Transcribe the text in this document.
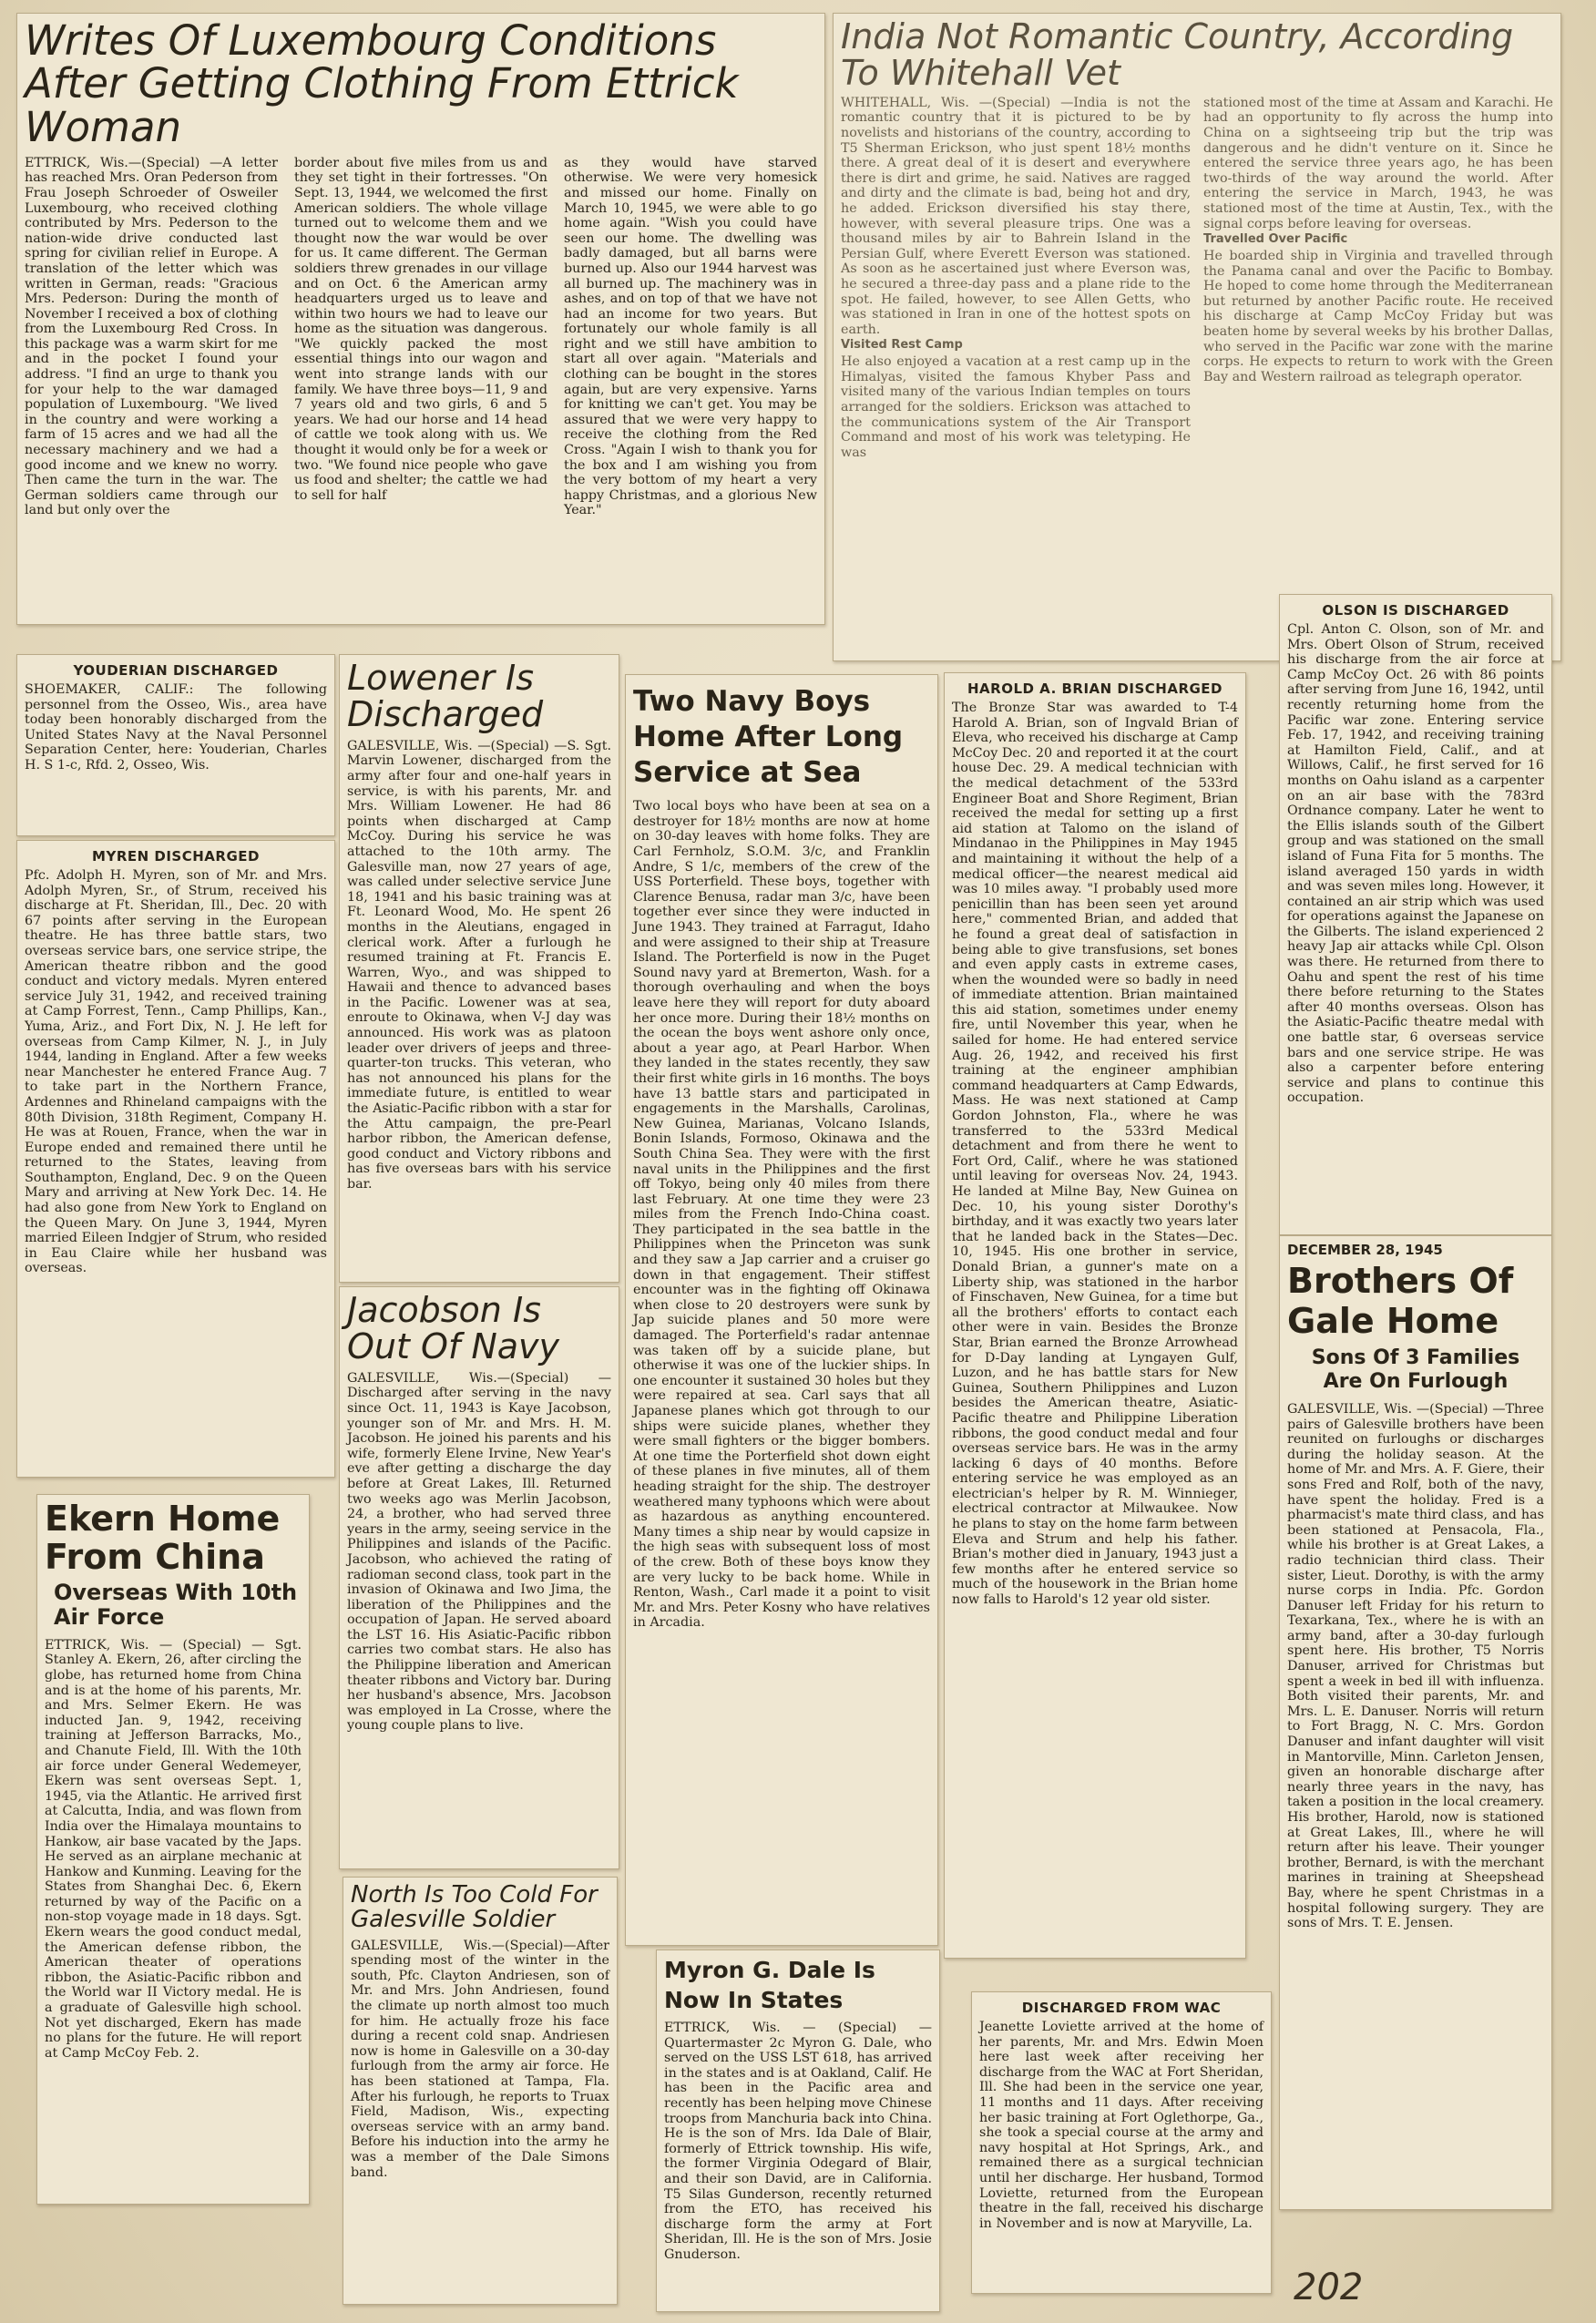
Writes Of Luxembourg Conditions After Getting Clothing From Ettrick Woman
ETTRICK, Wis.—(Special) —A letter has reached Mrs. Oran Pederson from Frau Joseph Schroeder of Osweiler Luxembourg, who received clothing contributed by Mrs. Pederson to the nation-wide drive conducted last spring for civilian relief in Europe. A translation of the letter which was written in German, reads: "Gracious Mrs. Pederson: During the month of November I received a box of clothing from the Luxembourg Red Cross. In this package was a warm skirt for me and in the pocket I found your address. "I find an urge to thank you for your help to the war damaged population of Luxembourg. "We lived in the country and were working a farm of 15 acres and we had all the necessary machinery and we had a good income and we knew no worry. Then came the turn in the war. The German soldiers came through our land but only over the
border about five miles from us and they set tight in their fortresses. "On Sept. 13, 1944, we welcomed the first American soldiers. The whole village turned out to welcome them and we thought now the war would be over for us. It came different. The German soldiers threw grenades in our village and on Oct. 6 the American army headquarters urged us to leave and within two hours we had to leave our home as the situation was dangerous. "We quickly packed the most essential things into our wagon and went into strange lands with our family. We have three boys—11, 9 and 7 years old and two girls, 6 and 5 years. We had our horse and 14 head of cattle we took along with us. We thought it would only be for a week or two. "We found nice people who gave us food and shelter; the cattle we had to sell for half
as they would have starved otherwise. We were very homesick and missed our home. Finally on March 10, 1945, we were able to go home again. "Wish you could have seen our home. The dwelling was badly damaged, but all barns were burned up. Also our 1944 harvest was all burned up. The machinery was in ashes, and on top of that we have not had an income for two years. But fortunately our whole family is all right and we still have ambition to start all over again. "Materials and clothing can be bought in the stores again, but are very expensive. Yarns for knitting we can't get. You may be assured that we were very happy to receive the clothing from the Red Cross. "Again I wish to thank you for the box and I am wishing you from the very bottom of my heart a very happy Christmas, and a glorious New Year."
India Not Romantic Country, According To Whitehall Vet
WHITEHALL, Wis. —(Special) —India is not the romantic country that it is pictured to be by novelists and historians of the country, according to T5 Sherman Erickson, who just spent 18½ months there. A great deal of it is desert and everywhere there is dirt and grime, he said. Natives are ragged and dirty and the climate is bad, being hot and dry, he added. Erickson diversified his stay there, however, with several pleasure trips. One was a thousand miles by air to Bahrein Island in the Persian Gulf, where Everett Everson was stationed. As soon as he ascertained just where Everson was, he secured a three-day pass and a plane ride to the spot. He failed, however, to see Allen Getts, who was stationed in Iran in one of the hottest spots on earth.
Visited Rest Camp
He also enjoyed a vacation at a rest camp up in the Himalyas, visited the famous Khyber Pass and visited many of the various Indian temples on tours arranged for the soldiers. Erickson was attached to the communications system of the Air Transport Command and most of his work was teletyping. He was
stationed most of the time at Assam and Karachi. He had an opportunity to fly across the hump into China on a sightseeing trip but the trip was dangerous and he didn't venture on it. Since he entered the service three years ago, he has been two-thirds of the way around the world. After entering the service in March, 1943, he was stationed most of the time at Austin, Tex., with the signal corps before leaving for overseas.
Travelled Over Pacific
He boarded ship in Virginia and travelled through the Panama canal and over the Pacific to Bombay. He hoped to come home through the Mediterranean but returned by another Pacific route. He received his discharge at Camp McCoy Friday but was beaten home by several weeks by his brother Dallas, who served in the Pacific war zone with the marine corps. He expects to return to work with the Green Bay and Western railroad as telegraph operator.
YOUDERIAN DISCHARGED
SHOEMAKER, CALIF.: The following personnel from the Osseo, Wis., area have today been honorably discharged from the United States Navy at the Naval Personnel Separation Center, here: Youderian, Charles H. S 1-c, Rfd. 2, Osseo, Wis.
MYREN DISCHARGED
Pfc. Adolph H. Myren, son of Mr. and Mrs. Adolph Myren, Sr., of Strum, received his discharge at Ft. Sheridan, Ill., Dec. 20 with 67 points after serving in the European theatre. He has three battle stars, two overseas service bars, one service stripe, the American theatre ribbon and the good conduct and victory medals. Myren entered service July 31, 1942, and received training at Camp Forrest, Tenn., Camp Phillips, Kan., Yuma, Ariz., and Fort Dix, N. J. He left for overseas from Camp Kilmer, N. J., in July 1944, landing in England. After a few weeks near Manchester he entered France Aug. 7 to take part in the Northern France, Ardennes and Rhineland campaigns with the 80th Division, 318th Regiment, Company H. He was at Rouen, France, when the war in Europe ended and remained there until he returned to the States, leaving from Southampton, England, Dec. 9 on the Queen Mary and arriving at New York Dec. 14. He had also gone from New York to England on the Queen Mary. On June 3, 1944, Myren married Eileen Indgjer of Strum, who resided in Eau Claire while her husband was overseas.
Lowener Is Discharged
GALESVILLE, Wis. —(Special) —S. Sgt. Marvin Lowener, discharged from the army after four and one-half years in service, is with his parents, Mr. and Mrs. William Lowener. He had 86 points when discharged at Camp McCoy. During his service he was attached to the 10th army. The Galesville man, now 27 years of age, was called under selective service June 18, 1941 and his basic training was at Ft. Leonard Wood, Mo. He spent 26 months in the Aleutians, engaged in clerical work. After a furlough he resumed training at Ft. Francis E. Warren, Wyo., and was shipped to Hawaii and thence to advanced bases in the Pacific. Lowener was at sea, enroute to Okinawa, when V-J day was announced. His work was as platoon leader over drivers of jeeps and three-quarter-ton trucks. This veteran, who has not announced his plans for the immediate future, is entitled to wear the Asiatic-Pacific ribbon with a star for the Attu campaign, the pre-Pearl harbor ribbon, the American defense, good conduct and Victory ribbons and has five overseas bars with his service bar.
Jacobson Is Out Of Navy
GALESVILLE, Wis.—(Special) —Discharged after serving in the navy since Oct. 11, 1943 is Kaye Jacobson, younger son of Mr. and Mrs. H. M. Jacobson. He joined his parents and his wife, formerly Elene Irvine, New Year's eve after getting a discharge the day before at Great Lakes, Ill. Returned two weeks ago was Merlin Jacobson, 24, a brother, who had served three years in the army, seeing service in the Philippines and islands of the Pacific. Jacobson, who achieved the rating of radioman second class, took part in the invasion of Okinawa and Iwo Jima, the liberation of the Philippines and the occupation of Japan. He served aboard the LST 16. His Asiatic-Pacific ribbon carries two combat stars. He also has the Philippine liberation and American theater ribbons and Victory bar. During her husband's absence, Mrs. Jacobson was employed in La Crosse, where the young couple plans to live.
Ekern Home From China
Overseas With 10th Air Force
ETTRICK, Wis. — (Special) — Sgt. Stanley A. Ekern, 26, after circling the globe, has returned home from China and is at the home of his parents, Mr. and Mrs. Selmer Ekern. He was inducted Jan. 9, 1942, receiving training at Jefferson Barracks, Mo., and Chanute Field, Ill. With the 10th air force under General Wedemeyer, Ekern was sent overseas Sept. 1, 1945, via the Atlantic. He arrived first at Calcutta, India, and was flown from India over the Himalaya mountains to Hankow, air base vacated by the Japs. He served as an airplane mechanic at Hankow and Kunming. Leaving for the States from Shanghai Dec. 6, Ekern returned by way of the Pacific on a non-stop voyage made in 18 days. Sgt. Ekern wears the good conduct medal, the American defense ribbon, the American theater of operations ribbon, the Asiatic-Pacific ribbon and the World war II Victory medal. He is a graduate of Galesville high school. Not yet discharged, Ekern has made no plans for the future. He will report at Camp McCoy Feb. 2.
North Is Too Cold For Galesville Soldier
GALESVILLE, Wis.—(Special)—After spending most of the winter in the south, Pfc. Clayton Andriesen, son of Mr. and Mrs. John Andriesen, found the climate up north almost too much for him. He actually froze his face during a recent cold snap. Andriesen now is home in Galesville on a 30-day furlough from the army air force. He has been stationed at Tampa, Fla. After his furlough, he reports to Truax Field, Madison, Wis., expecting overseas service with an army band. Before his induction into the army he was a member of the Dale Simons band.
Two Navy Boys Home After Long Service at Sea
Two local boys who have been at sea on a destroyer for 18½ months are now at home on 30-day leaves with home folks. They are Carl Fernholz, S.O.M. 3/c, and Franklin Andre, S 1/c, members of the crew of the USS Porterfield. These boys, together with Clarence Benusa, radar man 3/c, have been together ever since they were inducted in June 1943. They trained at Farragut, Idaho and were assigned to their ship at Treasure Island. The Porterfield is now in the Puget Sound navy yard at Bremerton, Wash. for a thorough overhauling and when the boys leave here they will report for duty aboard her once more. During their 18½ months on the ocean the boys went ashore only once, about a year ago, at Pearl Harbor. When they landed in the states recently, they saw their first white girls in 16 months. The boys have 13 battle stars and participated in engagements in the Marshalls, Carolinas, New Guinea, Marianas, Volcano Islands, Bonin Islands, Formoso, Okinawa and the South China Sea. They were with the first naval units in the Philippines and the first off Tokyo, being only 40 miles from there last February. At one time they were 23 miles from the French Indo-China coast. They participated in the sea battle in the Philippines when the Princeton was sunk and they saw a Jap carrier and a cruiser go down in that engagement. Their stiffest encounter was in the fighting off Okinawa when close to 20 destroyers were sunk by Jap suicide planes and 50 more were damaged. The Porterfield's radar antennae was taken off by a suicide plane, but otherwise it was one of the luckier ships. In one encounter it sustained 30 holes but they were repaired at sea. Carl says that all Japanese planes which got through to our ships were suicide planes, whether they were small fighters or the bigger bombers. At one time the Porterfield shot down eight of these planes in five minutes, all of them heading straight for the ship. The destroyer weathered many typhoons which were about as hazardous as anything encountered. Many times a ship near by would capsize in the high seas with subsequent loss of most of the crew. Both of these boys know they are very lucky to be back home. While in Renton, Wash., Carl made it a point to visit Mr. and Mrs. Peter Kosny who have relatives in Arcadia.
Myron G. Dale Is Now In States
ETTRICK, Wis. — (Special) — Quartermaster 2c Myron G. Dale, who served on the USS LST 618, has arrived in the states and is at Oakland, Calif. He has been in the Pacific area and recently has been helping move Chinese troops from Manchuria back into China. He is the son of Mrs. Ida Dale of Blair, formerly of Ettrick township. His wife, the former Virginia Odegard of Blair, and their son David, are in California. T5 Silas Gunderson, recently returned from the ETO, has received his discharge form the army at Fort Sheridan, Ill. He is the son of Mrs. Josie Gnuderson.
HAROLD A. BRIAN DISCHARGED
The Bronze Star was awarded to T-4 Harold A. Brian, son of Ingvald Brian of Eleva, who received his discharge at Camp McCoy Dec. 20 and reported it at the court house Dec. 29. A medical technician with the medical detachment of the 533rd Engineer Boat and Shore Regiment, Brian received the medal for setting up a first aid station at Talomo on the island of Mindanao in the Philippines in May 1945 and maintaining it without the help of a medical officer—the nearest medical aid was 10 miles away. "I probably used more penicillin than has been seen yet around here," commented Brian, and added that he found a great deal of satisfaction in being able to give transfusions, set bones and even apply casts in extreme cases, when the wounded were so badly in need of immediate attention. Brian maintained this aid station, sometimes under enemy fire, until November this year, when he sailed for home. He had entered service Aug. 26, 1942, and received his first training at the engineer amphibian command headquarters at Camp Edwards, Mass. He was next stationed at Camp Gordon Johnston, Fla., where he was transferred to the 533rd Medical detachment and from there he went to Fort Ord, Calif., where he was stationed until leaving for overseas Nov. 24, 1943. He landed at Milne Bay, New Guinea on Dec. 10, his young sister Dorothy's birthday, and it was exactly two years later that he landed back in the States—Dec. 10, 1945. His one brother in service, Donald Brian, a gunner's mate on a Liberty ship, was stationed in the harbor of Finschaven, New Guinea, for a time but all the brothers' efforts to contact each other were in vain. Besides the Bronze Star, Brian earned the Bronze Arrowhead for D-Day landing at Lyngayen Gulf, Luzon, and he has battle stars for New Guinea, Southern Philippines and Luzon besides the American theatre, Asiatic-Pacific theatre and Philippine Liberation ribbons, the good conduct medal and four overseas service bars. He was in the army lacking 6 days of 40 months. Before entering service he was employed as an electrician's helper by R. M. Winnieger, electrical contractor at Milwaukee. Now he plans to stay on the home farm between Eleva and Strum and help his father. Brian's mother died in January, 1943 just a few months after he entered service so much of the housework in the Brian home now falls to Harold's 12 year old sister.
DISCHARGED FROM WAC
Jeanette Loviette arrived at the home of her parents, Mr. and Mrs. Edwin Moen here last week after receiving her discharge from the WAC at Fort Sheridan, Ill. She had been in the service one year, 11 months and 11 days. After receiving her basic training at Fort Oglethorpe, Ga., she took a special course at the army and navy hospital at Hot Springs, Ark., and remained there as a surgical technician until her discharge. Her husband, Tormod Loviette, returned from the European theatre in the fall, received his discharge in November and is now at Maryville, La.
OLSON IS DISCHARGED
Cpl. Anton C. Olson, son of Mr. and Mrs. Obert Olson of Strum, received his discharge from the air force at Camp McCoy Oct. 26 with 86 points after serving from June 16, 1942, until recently returning home from the Pacific war zone. Entering service Feb. 17, 1942, and receiving training at Hamilton Field, Calif., and at Willows, Calif., he first served for 16 months on Oahu island as a carpenter on an air base with the 783rd Ordnance company. Later he went to the Ellis islands south of the Gilbert group and was stationed on the small island of Funa Fita for 5 months. The island averaged 150 yards in width and was seven miles long. However, it contained an air strip which was used for operations against the Japanese on the Gilberts. The island experienced 2 heavy Jap air attacks while Cpl. Olson was there. He returned from there to Oahu and spent the rest of his time there before returning to the States after 40 months overseas. Olson has the Asiatic-Pacific theatre medal with one battle star, 6 overseas service bars and one service stripe. He was also a carpenter before entering service and plans to continue this occupation.
DECEMBER 28, 1945
Brothers Of Gale Home
Sons Of 3 Families Are On Furlough
GALESVILLE, Wis. —(Special) —Three pairs of Galesville brothers have been reunited on furloughs or discharges during the holiday season. At the home of Mr. and Mrs. A. F. Giere, their sons Fred and Rolf, both of the navy, have spent the holiday. Fred is a pharmacist's mate third class, and has been stationed at Pensacola, Fla., while his brother is at Great Lakes, a radio technician third class. Their sister, Lieut. Dorothy, is with the army nurse corps in India. Pfc. Gordon Danuser left Friday for his return to Texarkana, Tex., where he is with an army band, after a 30-day furlough spent here. His brother, T5 Norris Danuser, arrived for Christmas but spent a week in bed ill with influenza. Both visited their parents, Mr. and Mrs. L. E. Danuser. Norris will return to Fort Bragg, N. C. Mrs. Gordon Danuser and infant daughter will visit in Mantorville, Minn. Carleton Jensen, given an honorable discharge after nearly three years in the navy, has taken a position in the local creamery. His brother, Harold, now is stationed at Great Lakes, Ill., where he will return after his leave. Their younger brother, Bernard, is with the merchant marines in training at Sheepshead Bay, where he spent Christmas in a hospital following surgery. They are sons of Mrs. T. E. Jensen.
202
